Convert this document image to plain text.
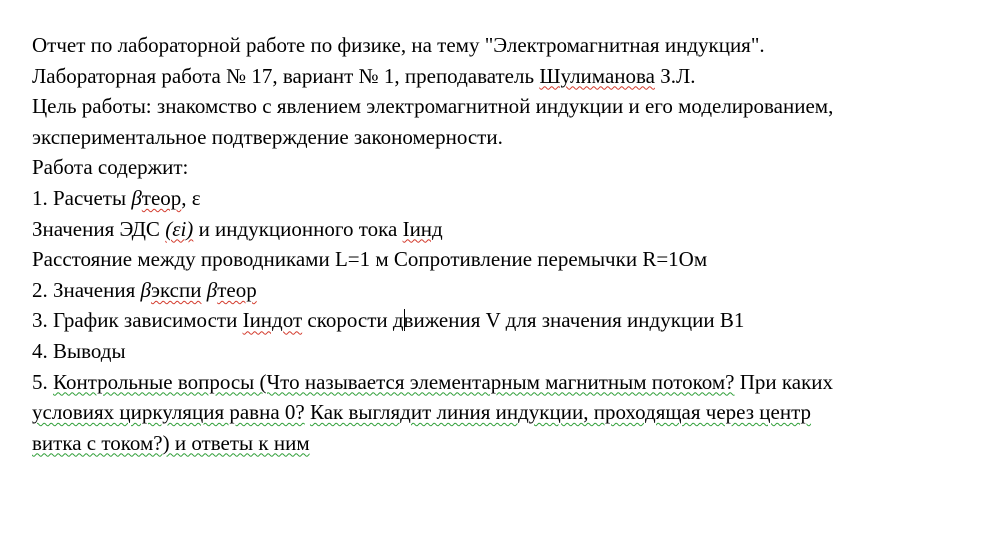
Отчет по лабораторной работе по физике, на тему "Электромагнитная индукция".
Лабораторная работа № 17, вариант № 1, преподаватель Шулиманова З.Л.
Цель работы: знакомство с явлением электромагнитной индукции и его моделированием,
экспериментальное подтверждение закономерности.
Работа содержит:
1. Расчеты βтеор, ε
Значения ЭДС (εi) и индукционного тока Iинд
Расстояние между проводниками L=1 м Сопротивление перемычки R=1Ом
2. Значения βэкспи βтеор
3. График зависимости Iиндот скорости движения V для значения индукции B1
4. Выводы
5. Контрольные вопросы (Что называется элементарным магнитным потоком? При каких
условиях циркуляция равна 0? Как выглядит линия индукции, проходящая через центр
витка с током?) и ответы к ним
